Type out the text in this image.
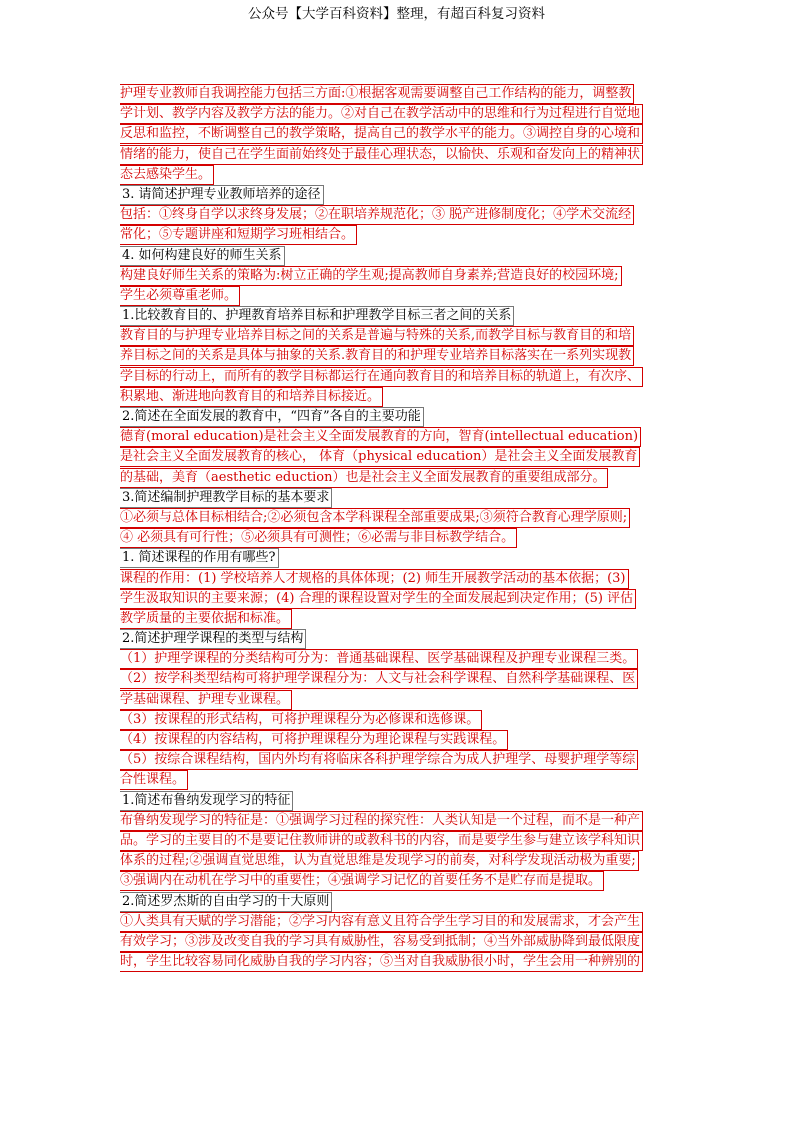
公众号【大学百科资料】整理，有超百科复习资料
护理专业教师自我调控能力包括三方面:①根据客观需要调整自己工作结构的能力，调整教
学计划、教学内容及教学方法的能力。②对自己在教学活动中的思维和行为过程进行自觉地
反思和监控，不断调整自己的教学策略，提高自己的教学水平的能力。③调控自身的心境和
情绪的能力，使自己在学生面前始终处于最佳心理状态，以愉快、乐观和奋发向上的精神状
态去感染学生。
3. 请简述护理专业教师培养的途径
包括：①终身自学以求终身发展；②在职培养规范化；③ 脱产进修制度化；④学术交流经
常化；⑤专题讲座和短期学习班相结合。
4. 如何构建良好的师生关系
构建良好师生关系的策略为:树立正确的学生观;提高教师自身素养;营造良好的校园环境;
学生必须尊重老师。
1.比较教育目的、护理教育培养目标和护理教学目标三者之间的关系
教育目的与护理专业培养目标之间的关系是普遍与特殊的关系,而教学目标与教育目的和培
养目标之间的关系是具体与抽象的关系.教育目的和护理专业培养目标落实在一系列实现教
学目标的行动上，而所有的教学目标都运行在通向教育目的和培养目标的轨道上，有次序、
积累地、渐进地向教育目的和培养目标接近。
2.简述在全面发展的教育中，“四育”各自的主要功能
德育(moral education)是社会主义全面发展教育的方向，智育(intellectual education)
是社会主义全面发展教育的核心， 体育（physical education）是社会主义全面发展教育
的基础，美育（aesthetic eduction）也是社会主义全面发展教育的重要组成部分。
3.简述编制护理教学目标的基本要求
①必须与总体目标相结合;②必须包含本学科课程全部重要成果;③须符合教育心理学原则;
④ 必须具有可行性；⑤必须具有可测性；⑥必需与非目标教学结合。
1. 简述课程的作用有哪些?
课程的作用：(1) 学校培养人才规格的具体体现；(2) 师生开展教学活动的基本依据；(3)
学生汲取知识的主要来源；(4) 合理的课程设置对学生的全面发展起到决定作用；(5) 评估
教学质量的主要依据和标准。
2.简述护理学课程的类型与结构
（1）护理学课程的分类结构可分为：普通基础课程、医学基础课程及护理专业课程三类。
（2）按学科类型结构可将护理学课程分为：人文与社会科学课程、自然科学基础课程、医
学基础课程、护理专业课程。
（3）按课程的形式结构，可将护理课程分为必修课和选修课。
（4）按课程的内容结构，可将护理课程分为理论课程与实践课程。
（5）按综合课程结构，国内外均有将临床各科护理学综合为成人护理学、母婴护理学等综
合性课程。
1.简述布鲁纳发现学习的特征
布鲁纳发现学习的特征是：①强调学习过程的探究性：人类认知是一个过程，而不是一种产
品。学习的主要目的不是要记住教师讲的或教科书的内容，而是要学生参与建立该学科知识
体系的过程;②强调直觉思维，认为直觉思维是发现学习的前奏，对科学发现活动极为重要;
③强调内在动机在学习中的重要性；④强调学习记忆的首要任务不是贮存而是提取。
2.简述罗杰斯的自由学习的十大原则
①人类具有天赋的学习潜能；②学习内容有意义且符合学生学习目的和发展需求，才会产生
有效学习；③涉及改变自我的学习具有威胁性，容易受到抵制；④当外部威胁降到最低限度
时，学生比较容易同化威胁自我的学习内容；⑤当对自我威胁很小时，学生会用一种辨别的
